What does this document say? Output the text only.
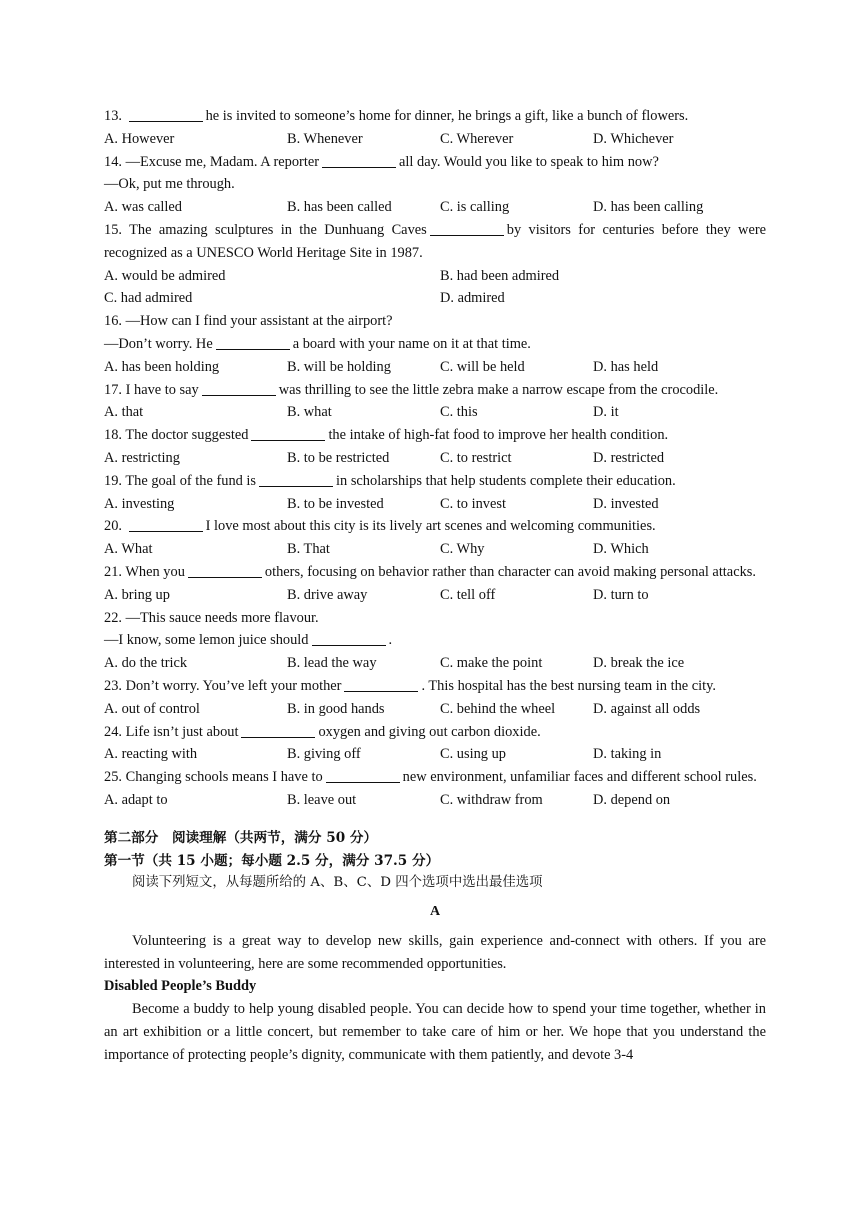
13.	he is invited to someone’s home for dinner, he brings a gift, like a bunch of flowers.
A. However	B. Whenever	C. Wherever	D. Whichever
14. —Excuse me, Madam. A reporter	all day. Would you like to speak to him now?
—Ok, put me through.
A. was called	B. has been called	C. is calling	D. has been calling
15. The amazing sculptures in the Dunhuang Caves	by visitors for centuries before they were recognized as a UNESCO World Heritage Site in 1987.
A. would be admired	B. had been admired
C. had admired	D. admired
16. —How can I find your assistant at the airport?
—Don’t worry. He	a board with your name on it at that time.
A. has been holding	B. will be holding	C. will be held	D. has held
17. I have to say	was thrilling to see the little zebra make a narrow escape from the crocodile.
A. that	B. what	C. this	D. it
18. The doctor suggested	the intake of high-fat food to improve her health condition.
A. restricting	B. to be restricted	C. to restrict	D. restricted
19. The goal of the fund is	in scholarships that help students complete their education.
A. investing	B. to be invested	C. to invest	D. invested
20.	I love most about this city is its lively art scenes and welcoming communities.
A. What	B. That	C. Why	D. Which
21. When you	others, focusing on behavior rather than character can avoid making personal attacks.
A. bring up	B. drive away	C. tell off	D. turn to
22. —This sauce needs more flavour.
—I know, some lemon juice should	.
A. do the trick	B. lead the way	C. make the point	D. break the ice
23. Don’t worry. You’ve left your mother	. This hospital has the best nursing team in the city.
A. out of control	B. in good hands	C. behind the wheel	D. against all odds
24. Life isn’t just about	oxygen and giving out carbon dioxide.
A. reacting with	B. giving off	C. using up	D. taking in
25. Changing schools means I have to	new environment, unfamiliar faces and different school rules.
A. adapt to	B. leave out	C. withdraw from	D. depend on
第二部分　阅读理解（共两节，满分 50 分）
第一节（共 15 小题；每小题 2.5 分，满分 37.5 分）
阅读下列短文，从每题所给的 A、B、C、D 四个选项中选出最佳选项
A
Volunteering is a great way to develop new skills, gain experience and-connect with others. If you are interested in volunteering, here are some recommended opportunities.
Disabled People’s Buddy
Become a buddy to help young disabled people. You can decide how to spend your time together, whether in an art exhibition or a little concert, but remember to take care of him or her. We hope that you understand the importance of protecting people’s dignity, communicate with them patiently, and devote 3-4
